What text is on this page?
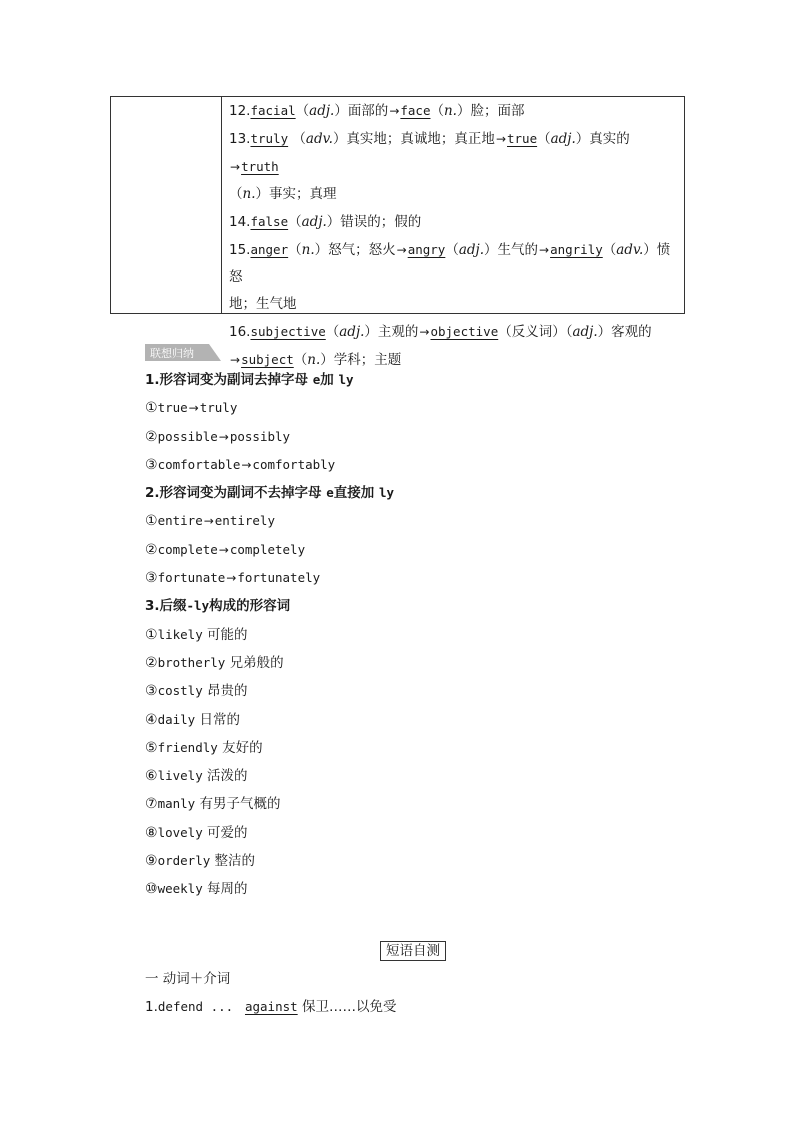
12.facial（adj.）面部的→face（n.）脸；面部

13.truly （adv.）真实地；真诚地；真正地→true（adj.）真实的→truth
（n.）事实；真理

14.false（adj.）错误的；假的

15.anger（n.）怒气；怒火→angry（adj.）生气的→angrily（adv.）愤怒
地；生气地

16.subjective（adj.）主观的→objective（反义词）（adj.）客观的
→subject（n.）学科；主题

联想归纳

1.形容词变为副词去掉字母 e加 ly

①true→truly

②possible→possibly

③comfortable→comfortably

2.形容词变为副词不去掉字母 e直接加 ly

①entire→entirely

②complete→completely

③fortunate→fortunately

3.后缀-ly构成的形容词

①likely 可能的

②brotherly 兄弟般的

③costly 昂贵的

④daily 日常的

⑤friendly 友好的

⑥lively 活泼的

⑦manly 有男子气概的

⑧lovely 可爱的

⑨orderly 整洁的

⑩weekly 每周的

短语自测
一 动词＋介词
1.defend ...  against 保卫……以免受
